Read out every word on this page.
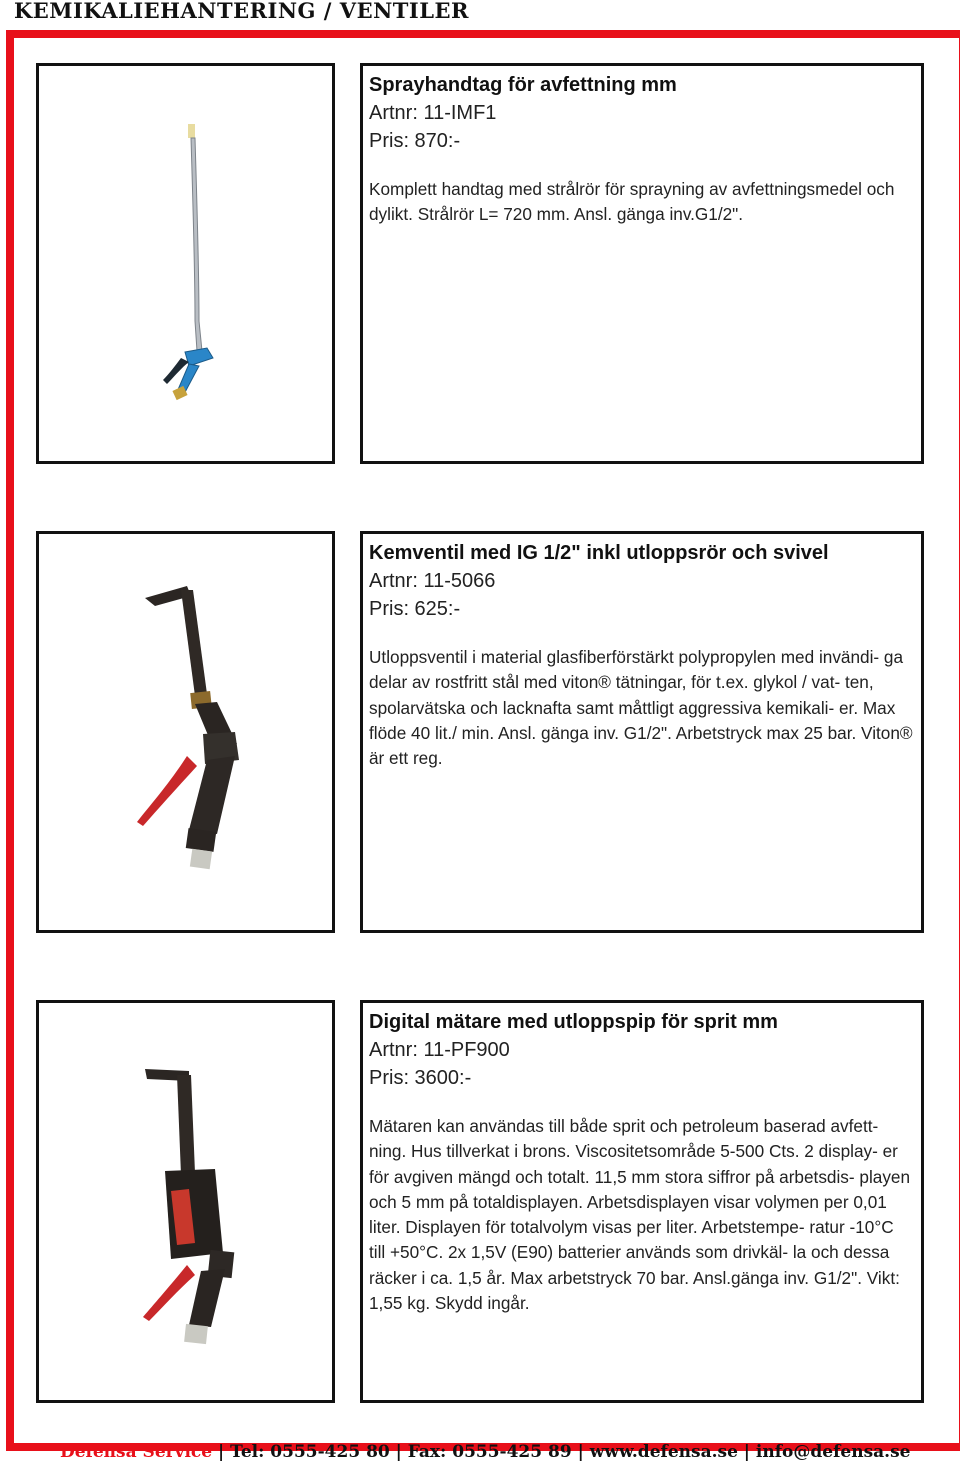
KEMIKALIEHANTERING / VENTILER

Sprayhandtag för avfettning mm

Artnr: 11-IMF1

Pris: 870:-

Komplett handtag med strålrör för sprayning av avfettningsmedel och dylikt. Strålrör L= 720 mm. Ansl. gänga inv.G1/2".

Kemventil med IG 1/2" inkl utloppsrör och svivel

Artnr: 11-5066

Pris: 625:-

Utloppsventil i material glasfiberförstärkt polypropylen med invändi- ga delar av rostfritt stål med viton® tätningar, för t.ex. glykol / vat- ten, spolarvätska och lacknafta samt måttligt aggressiva kemikali- er. Max flöde 40 lit./ min. Ansl. gänga inv. G1/2". Arbetstryck max 25 bar. Viton® är ett reg.

Digital mätare med utloppspip för sprit mm

Artnr: 11-PF900

Pris: 3600:-

Mätaren kan användas till både sprit och petroleum baserad avfett- ning. Hus tillverkat i brons. Viscositetsområde 5-500 Cts. 2 display- er för avgiven mängd och totalt. 11,5 mm stora siffror på arbetsdis- playen och 5 mm på totaldisplayen. Arbetsdisplayen visar volymen per 0,01 liter. Displayen för totalvolym visas per liter. Arbetstempe- ratur -10°C till +50°C. 2x 1,5V (E90) batterier används som drivkäl- la och dessa räcker i ca. 1,5 år. Max arbetstryck 70 bar. Ansl.gänga inv. G1/2". Vikt: 1,55 kg. Skydd ingår.
Defensa Service | Tel: 0555-425 80 | Fax: 0555-425 89 | www.defensa.se | info@defensa.se
